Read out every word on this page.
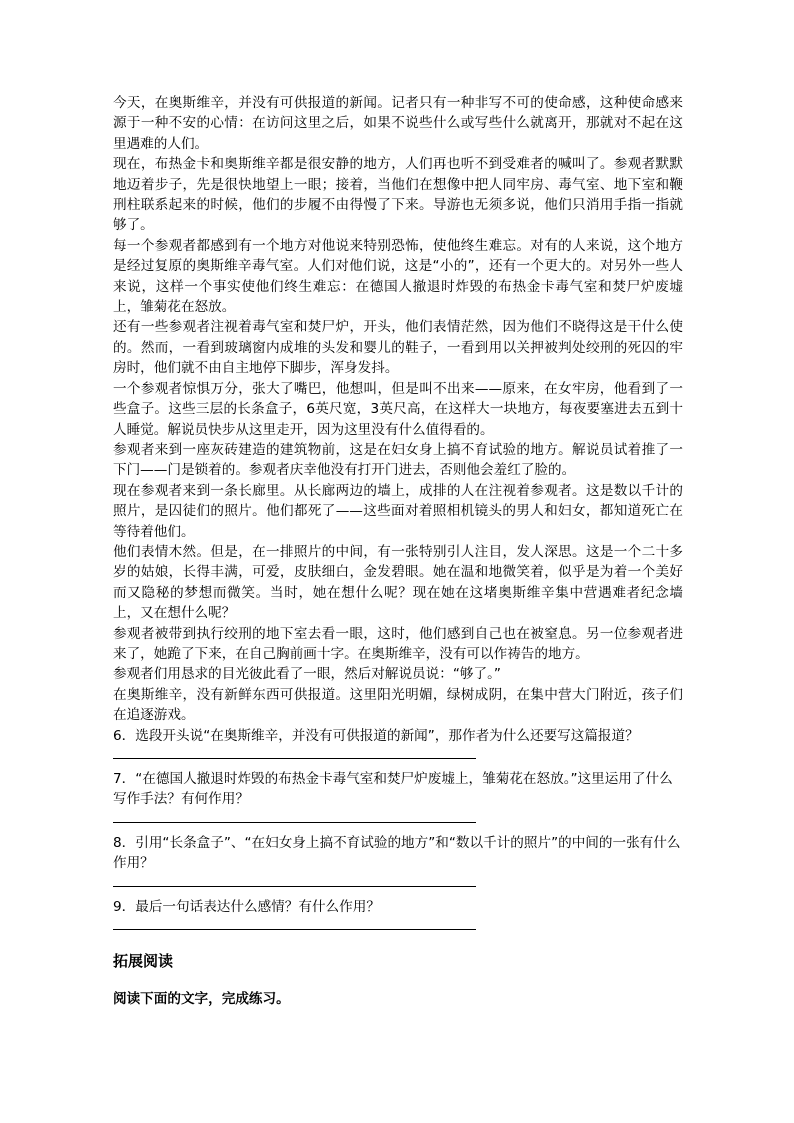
今天，在奥斯维辛，并没有可供报道的新闻。记者只有一种非写不可的使命感，这种使命感来源于一种不安的心情：在访问这里之后，如果不说些什么或写些什么就离开，那就对不起在这里遇难的人们。

现在，布热金卡和奥斯维辛都是很安静的地方，人们再也听不到受难者的喊叫了。参观者默默地迈着步子，先是很快地望上一眼；接着，当他们在想像中把人同牢房、毒气室、地下室和鞭刑柱联系起来的时候，他们的步履不由得慢了下来。导游也无须多说，他们只消用手指一指就够了。

每一个参观者都感到有一个地方对他说来特别恐怖，使他终生难忘。对有的人来说，这个地方是经过复原的奥斯维辛毒气室。人们对他们说，这是“小的”，还有一个更大的。对另外一些人来说，这样一个事实使他们终生难忘：在德国人撤退时炸毁的布热金卡毒气室和焚尸炉废墟上，雏菊花在怒放。

还有一些参观者注视着毒气室和焚尸炉，开头，他们表情茫然，因为他们不晓得这是干什么使的。然而，一看到玻璃窗内成堆的头发和婴儿的鞋子，一看到用以关押被判处绞刑的死囚的牢房时，他们就不由自主地停下脚步，浑身发抖。

一个参观者惊惧万分，张大了嘴巴，他想叫，但是叫不出来——原来，在女牢房，他看到了一些盒子。这些三层的长条盒子，6英尺宽，3英尺高，在这样大一块地方，每夜要塞进去五到十人睡觉。解说员快步从这里走开，因为这里没有什么值得看的。

参观者来到一座灰砖建造的建筑物前，这是在妇女身上搞不育试验的地方。解说员试着推了一下门——门是锁着的。参观者庆幸他没有打开门进去，否则他会羞红了脸的。

现在参观者来到一条长廊里。从长廊两边的墙上，成排的人在注视着参观者。这是数以千计的照片，是囚徒们的照片。他们都死了——这些面对着照相机镜头的男人和妇女，都知道死亡在等待着他们。

他们表情木然。但是，在一排照片的中间，有一张特别引人注目，发人深思。这是一个二十多岁的姑娘，长得丰满，可爱，皮肤细白，金发碧眼。她在温和地微笑着，似乎是为着一个美好而又隐秘的梦想而微笑。当时，她在想什么呢？现在她在这堵奥斯维辛集中营遇难者纪念墙上，又在想什么呢？

参观者被带到执行绞刑的地下室去看一眼，这时，他们感到自己也在被窒息。另一位参观者进来了，她跪了下来，在自己胸前画十字。在奥斯维辛，没有可以作祷告的地方。

参观者们用恳求的目光彼此看了一眼，然后对解说员说：“够了。”

在奥斯维辛，没有新鲜东西可供报道。这里阳光明媚，绿树成阴，在集中营大门附近，孩子们在追逐游戏。

6．选段开头说“在奥斯维辛，并没有可供报道的新闻”，那作者为什么还要写这篇报道？

7．“在德国人撤退时炸毁的布热金卡毒气室和焚尸炉废墟上，雏菊花在怒放。”这里运用了什么写作手法？有何作用？

8．引用“长条盒子”、“在妇女身上搞不育试验的地方”和“数以千计的照片”的中间的一张有什么作用？

9．最后一句话表达什么感情？有什么作用？

拓展阅读
阅读下面的文字，完成练习。
